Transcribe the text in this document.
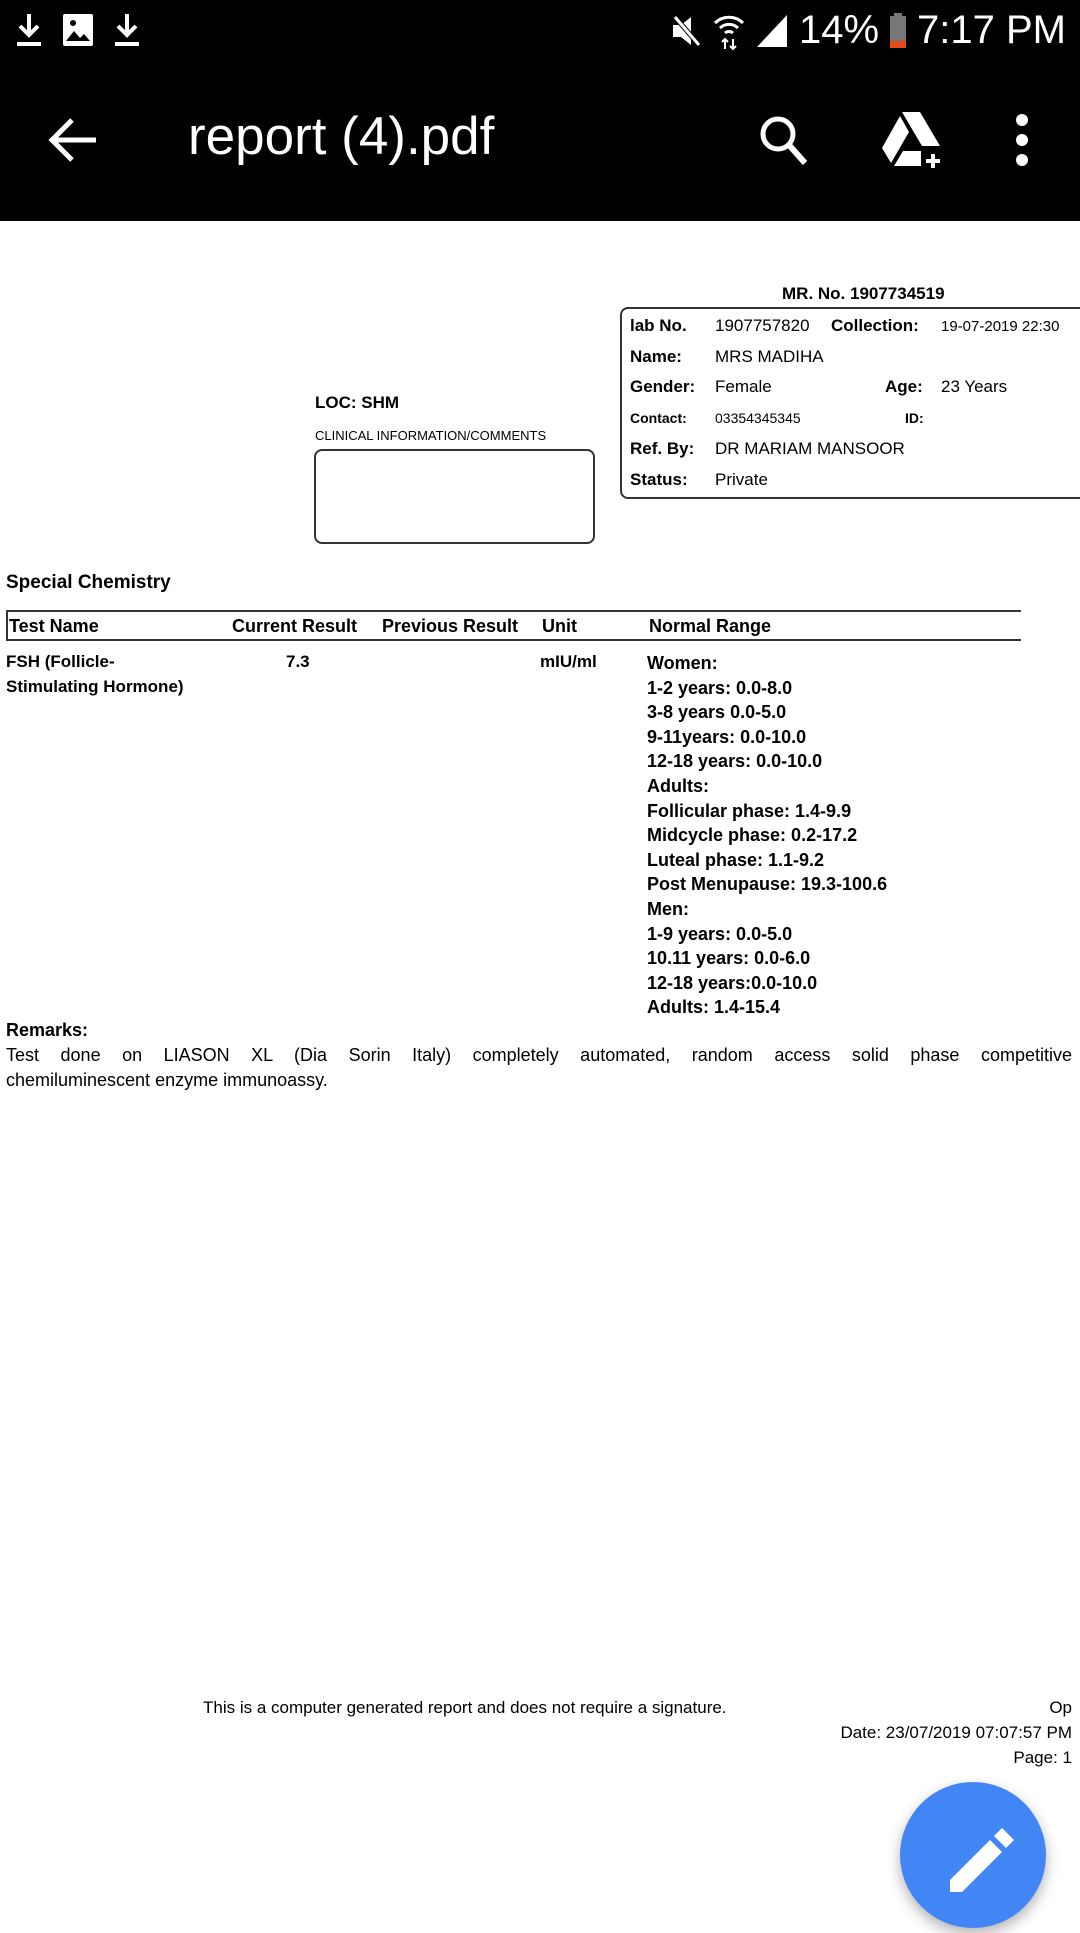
14% 7:17 PM
report (4).pdf
MR. No. 1907734519
lab No. 1907757820 Collection: 19-07-2019 22:30
Name: MRS MADIHA
Gender: Female	Age: 23 Years
Contact: 03354345345	ID:
Ref. By: DR MARIAM MANSOOR
Status: Private
LOC: SHM
CLINICAL INFORMATION/COMMENTS
Special Chemistry
Test Name	Current Result Previous Result Unit	Normal Range
FSH (Follicle-
Stimulating Hormone)
7.3	mIU/ml	Women:
1-2 years: 0.0-8.0
3-8 years 0.0-5.0
9-11years: 0.0-10.0
12-18 years: 0.0-10.0
Adults:
Follicular phase: 1.4-9.9
Midcycle phase: 0.2-17.2
Luteal phase: 1.1-9.2
Post Menupause: 19.3-100.6
Men:
1-9 years: 0.0-5.0
10.11 years: 0.0-6.0
12-18 years:0.0-10.0
Adults: 1.4-15.4
Remarks:
Test done on LIASON XL (Dia Sorin Italy) completely automated, random access solid phase competitive
chemiluminescent enzyme immunoassy.
This is a computer generated report and does not require a signature.	Op
Date: 23/07/2019 07:07:57 PM
Page: 1
